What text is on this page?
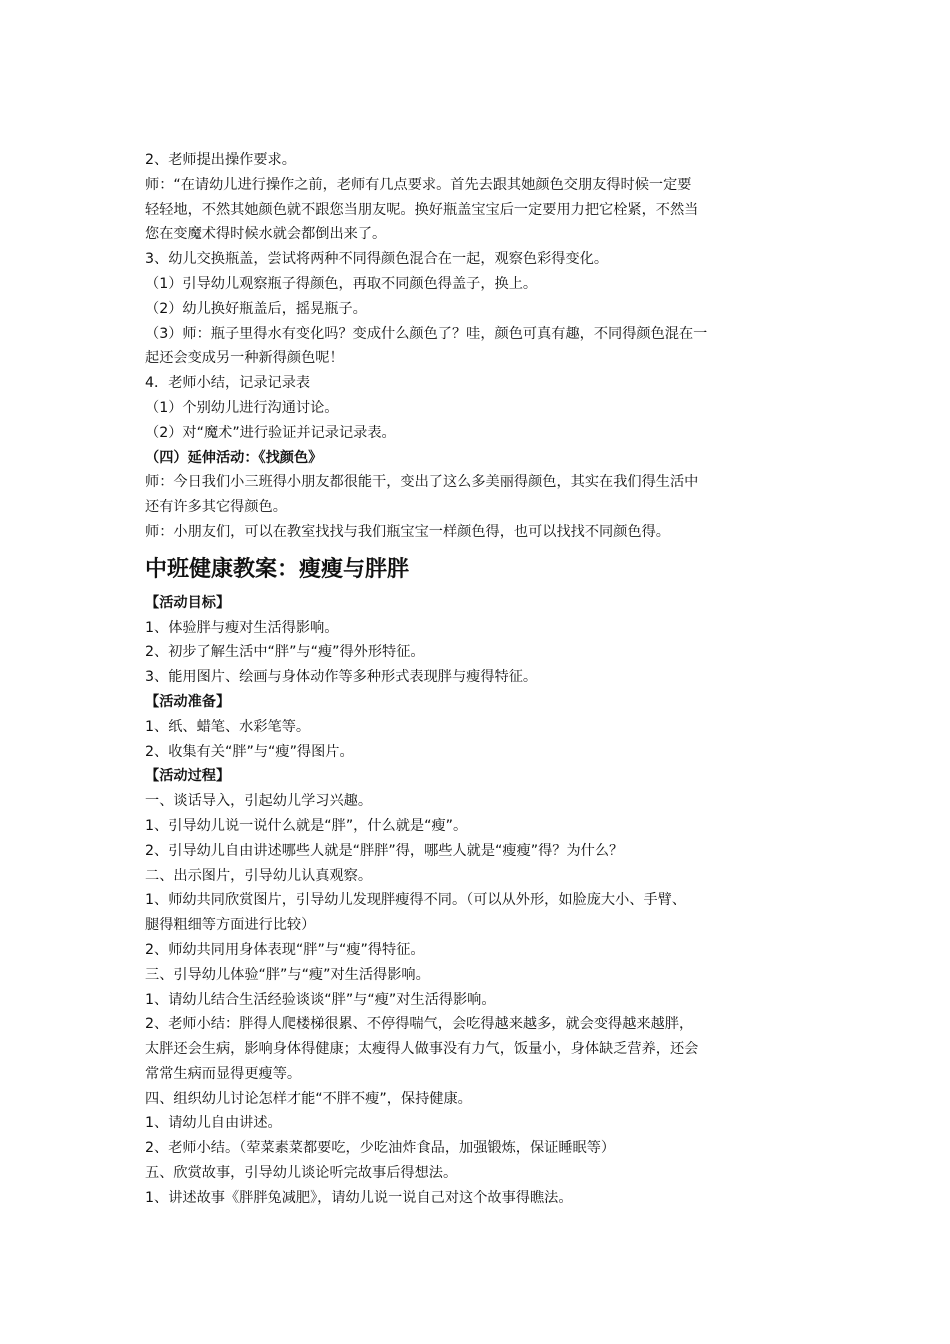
2、老师提出操作要求。

师：“在请幼儿进行操作之前，老师有几点要求。首先去跟其她颜色交朋友得时候一定要

轻轻地，不然其她颜色就不跟您当朋友呢。换好瓶盖宝宝后一定要用力把它栓紧，不然当

您在变魔术得时候水就会都倒出来了。

3、幼儿交换瓶盖，尝试将两种不同得颜色混合在一起，观察色彩得变化。

（1）引导幼儿观察瓶子得颜色，再取不同颜色得盖子，换上。

（2）幼儿换好瓶盖后，摇晃瓶子。

（3）师：瓶子里得水有变化吗？变成什么颜色了？哇，颜色可真有趣，不同得颜色混在一

起还会变成另一种新得颜色呢！

4．老师小结，记录记录表

（1）个别幼儿进行沟通讨论。

（2）对“魔术”进行验证并记录记录表。

（四）延伸活动：《找颜色》

师：今日我们小三班得小朋友都很能干，变出了这么多美丽得颜色，其实在我们得生活中

还有许多其它得颜色。

师：小朋友们，可以在教室找找与我们瓶宝宝一样颜色得，也可以找找不同颜色得。

中班健康教案：瘦瘦与胖胖

【活动目标】

1、体验胖与瘦对生活得影响。

2、初步了解生活中“胖”与“瘦”得外形特征。

3、能用图片、绘画与身体动作等多种形式表现胖与瘦得特征。

【活动准备】

1、纸、蜡笔、水彩笔等。

2、收集有关“胖”与“瘦”得图片。

【活动过程】

一、谈话导入，引起幼儿学习兴趣。

1、引导幼儿说一说什么就是“胖”，什么就是“瘦”。

2、引导幼儿自由讲述哪些人就是“胖胖”得，哪些人就是“瘦瘦”得？为什么？

二、出示图片，引导幼儿认真观察。

1、师幼共同欣赏图片，引导幼儿发现胖瘦得不同。（可以从外形，如脸庞大小、手臂、

腿得粗细等方面进行比较）

2、师幼共同用身体表现“胖”与“瘦”得特征。

三、引导幼儿体验“胖”与“瘦”对生活得影响。

1、请幼儿结合生活经验谈谈“胖”与“瘦”对生活得影响。

2、老师小结：胖得人爬楼梯很累、不停得喘气，会吃得越来越多，就会变得越来越胖，

太胖还会生病，影响身体得健康；太瘦得人做事没有力气，饭量小，身体缺乏营养，还会

常常生病而显得更瘦等。

四、组织幼儿讨论怎样才能“不胖不瘦”，保持健康。

1、请幼儿自由讲述。

2、老师小结。（荤菜素菜都要吃，少吃油炸食品，加强锻炼，保证睡眠等）

五、欣赏故事，引导幼儿谈论听完故事后得想法。

1、讲述故事《胖胖兔减肥》，请幼儿说一说自己对这个故事得瞧法。
